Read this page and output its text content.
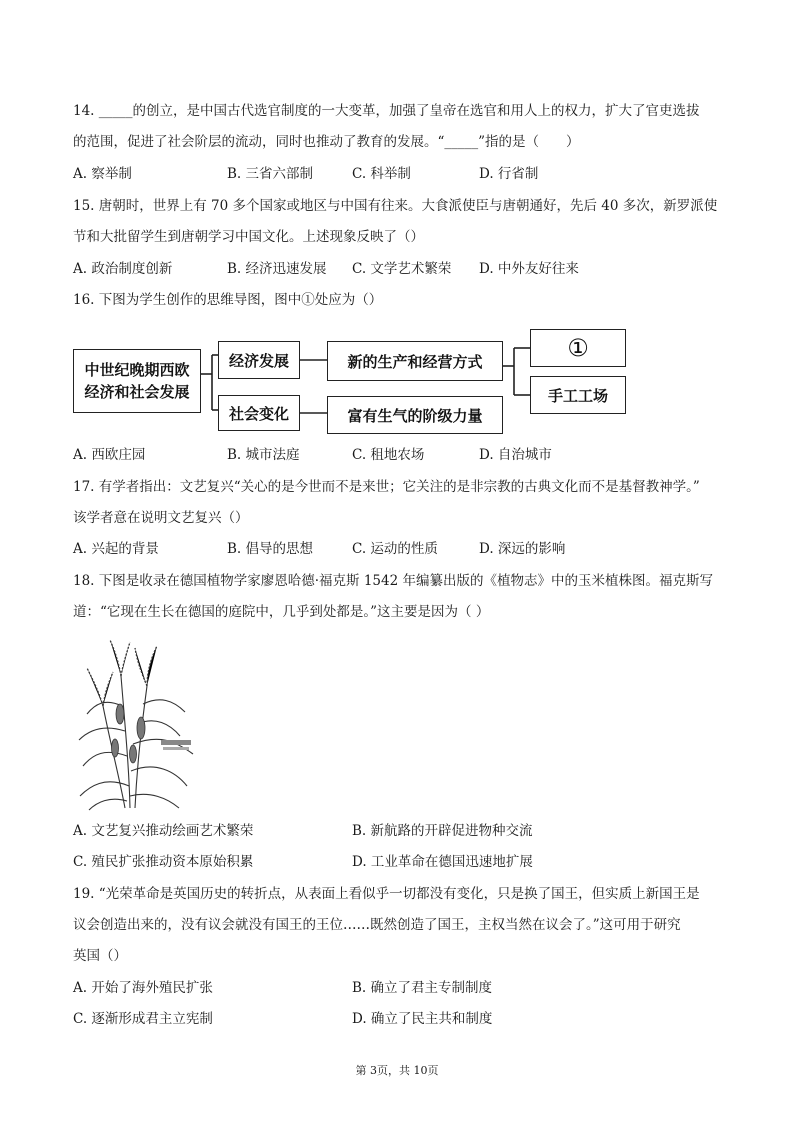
14. _____的创立，是中国古代选官制度的一大变革，加强了皇帝在选官和用人上的权力，扩大了官吏选拔
的范围，促进了社会阶层的流动，同时也推动了教育的发展。“_____”指的是（　　）
A. 察举制	B. 三省六部制	C. 科举制	D. 行省制
15. 唐朝时，世界上有 70 多个国家或地区与中国有往来。大食派使臣与唐朝通好，先后 40 多次，新罗派使
节和大批留学生到唐朝学习中国文化。上述现象反映了（）
A. 政治制度创新	B. 经济迅速发展 C. 文学艺术繁荣 D. 中外友好往来
16. 下图为学生创作的思维导图，图中①处应为（）
中世纪晚期西欧
经济和社会发展
经济发展
社会变化
新的生产和经营方式
富有生气的阶级力量
①
手工工场
A. 西欧庄园	B. 城市法庭	C. 租地农场	D. 自治城市
17. 有学者指出：文艺复兴“关心的是今世而不是来世；它关注的是非宗教的古典文化而不是基督教神学。”
该学者意在说明文艺复兴（）
A. 兴起的背景	B. 倡导的思想	C. 运动的性质	D. 深远的影响
18. 下图是收录在德国植物学家廖恩哈德·福克斯 1542 年编纂出版的《植物志》中的玉米植株图。福克斯写
道：“它现在生长在德国的庭院中，几乎到处都是。”这主要是因为（ ）
A. 文艺复兴推动绘画艺术繁荣	B. 新航路的开辟促进物种交流
C. 殖民扩张推动资本原始积累	D. 工业革命在德国迅速地扩展
19. “光荣革命是英国历史的转折点，从表面上看似乎一切都没有变化，只是换了国王，但实质上新国王是
议会创造出来的，没有议会就没有国王的王位……既然创造了国王，主权当然在议会了。”这可用于研究
英国（）
A. 开始了海外殖民扩张	B. 确立了君主专制制度
C. 逐渐形成君主立宪制	D. 确立了民主共和制度
第 3页，共 10页
